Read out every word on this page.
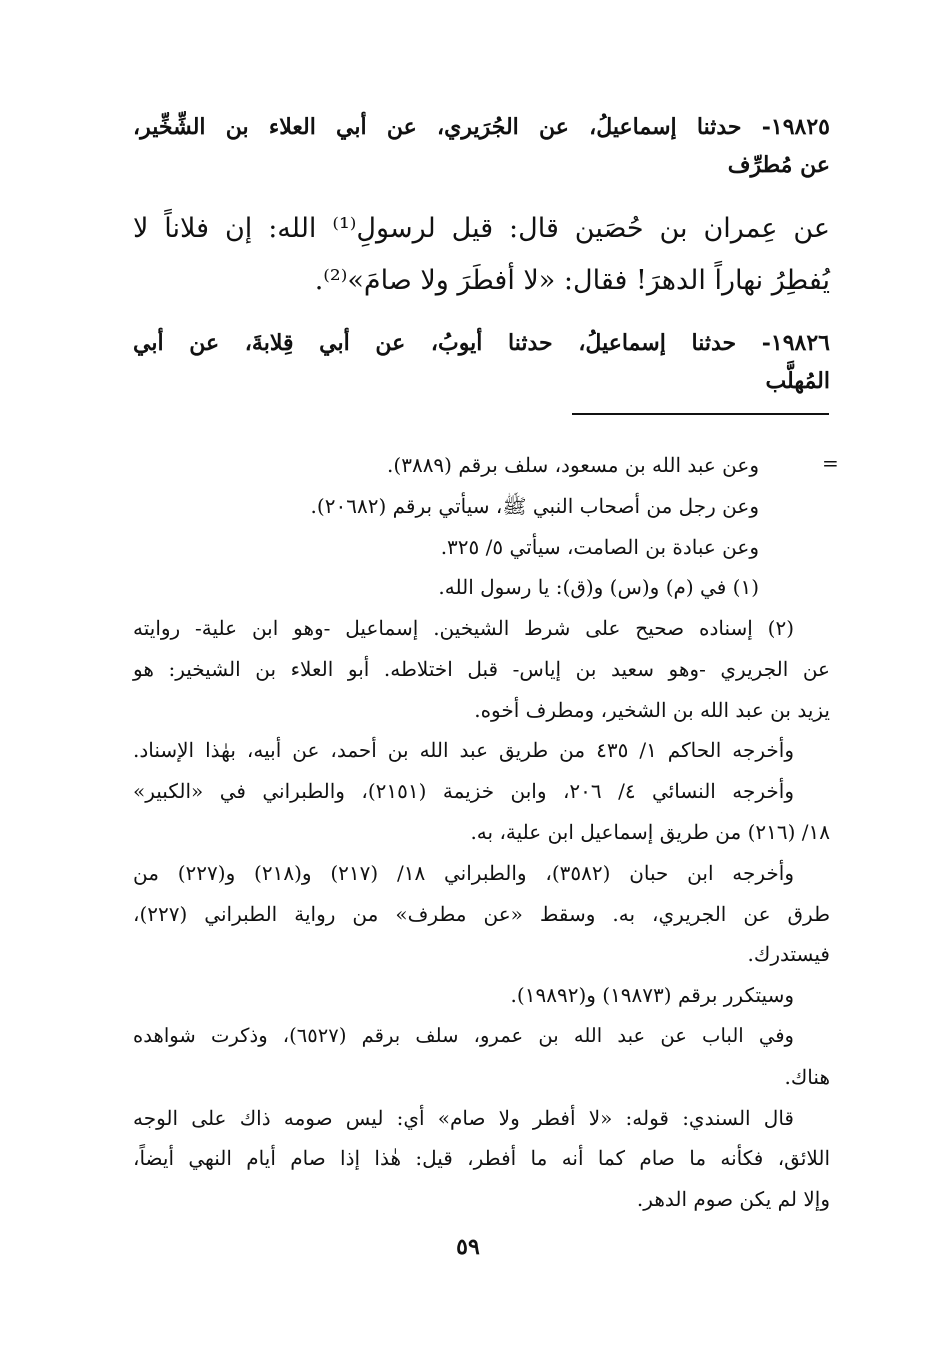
١٩٨٢٥- حدثنا إسماعيلُ، عن الجُرَيري، عن أبي العلاء بن الشِّخِّير،
عن مُطرِّف
عن عِمران بن حُصَين قال: قيل لرسولِ⁽¹⁾ الله: إن فلاناً لا
يُفطِرُ نهاراً الدهرَ! فقال: «لا أفطَرَ ولا صامَ»⁽²⁾.
١٩٨٢٦- حدثنا إسماعيلُ، حدثنا أيوبُ، عن أبي قِلابةَ، عن أبي
المُهلَّب
=
وعن عبد الله بن مسعود، سلف برقم (٣٨٨٩).
وعن رجل من أصحاب النبي ﷺ، سيأتي برقم (٢٠٦٨٢).
وعن عبادة بن الصامت، سيأتي ٥/ ٣٢٥.
(١) في (م) و(س) و(ق): يا رسول الله.
(٢) إسناده صحيح على شرط الشيخين. إسماعيل -وهو ابن علية- روايته
عن الجريري -وهو سعيد بن إياس- قبل اختلاطه. أبو العلاء بن الشيخير: هو
يزيد بن عبد الله بن الشخير، ومطرف أخوه.
وأخرجه الحاكم ١/ ٤٣٥ من طريق عبد الله بن أحمد، عن أبيه، بهٰذا الإسناد.
وأخرجه النسائي ٤/ ٢٠٦، وابن خزيمة (٢١٥١)، والطبراني في «الكبير»
١٨/ (٢١٦) من طريق إسماعيل ابن علية، به.
وأخرجه ابن حبان (٣٥٨٢)، والطبراني ١٨/ (٢١٧) و(٢١٨) و(٢٢٧) من
طرق عن الجريري، به. وسقط «عن مطرف» من رواية الطبراني (٢٢٧)،
فيستدرك.
وسيتكرر برقم (١٩٨٧٣) و(١٩٨٩٢).
وفي الباب عن عبد الله بن عمرو، سلف برقم (٦٥٢٧)، وذكرت شواهده
هناك.
قال السندي: قوله: «لا أفطر ولا صام» أي: ليس صومه ذاك على الوجه
اللائق، فكأنه ما صام كما أنه ما أفطر، قيل: هٰذا إذا صام أيام النهي أيضاً،
وإلا لم يكن صوم الدهر.
٥٩
